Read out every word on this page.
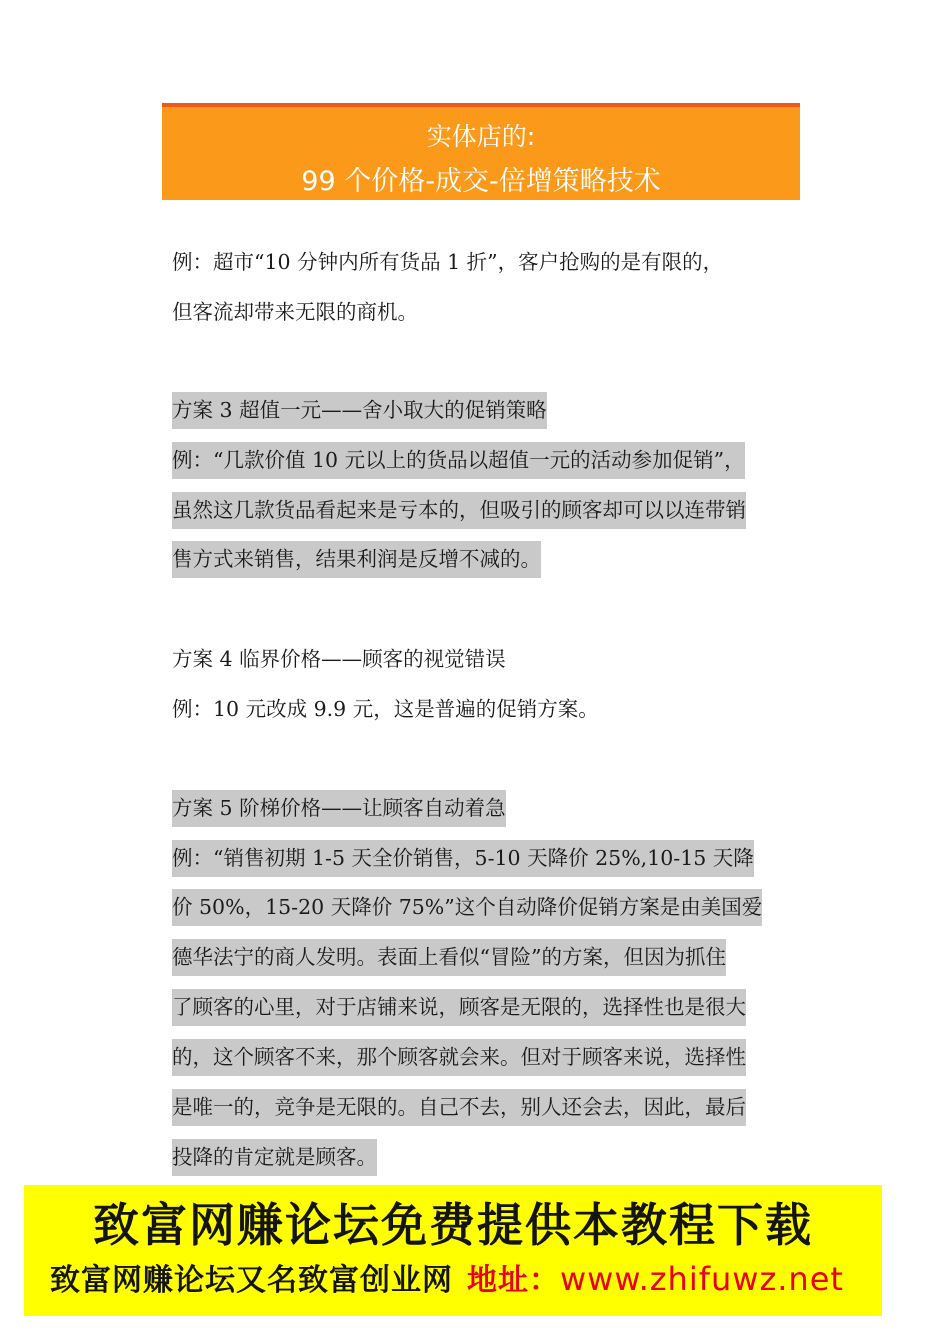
实体店的:
99 个价格-成交-倍增策略技术
例：超市“10 分钟内所有货品 1 折”，客户抢购的是有限的，
但客流却带来无限的商机。
方案 3 超值一元——舍小取大的促销策略
例：“几款价值 10 元以上的货品以超值一元的活动参加促销”，
虽然这几款货品看起来是亏本的，但吸引的顾客却可以以连带销
售方式来销售，结果利润是反增不减的。
方案 4 临界价格——顾客的视觉错误
例：10 元改成 9.9 元，这是普遍的促销方案。
方案 5 阶梯价格——让顾客自动着急
例：“销售初期 1-5 天全价销售，5-10 天降价 25%,10-15 天降
价 50%，15-20 天降价 75%”这个自动降价促销方案是由美国爱
德华法宁的商人发明。表面上看似“冒险”的方案，但因为抓住
了顾客的心里，对于店铺来说，顾客是无限的，选择性也是很大
的，这个顾客不来，那个顾客就会来。但对于顾客来说，选择性
是唯一的，竞争是无限的。自己不去，别人还会去，因此，最后
投降的肯定就是顾客。
致富网赚论坛免费提供本教程下载
致富网赚论坛又名致富创业网 地址：www.zhifuwz.net
